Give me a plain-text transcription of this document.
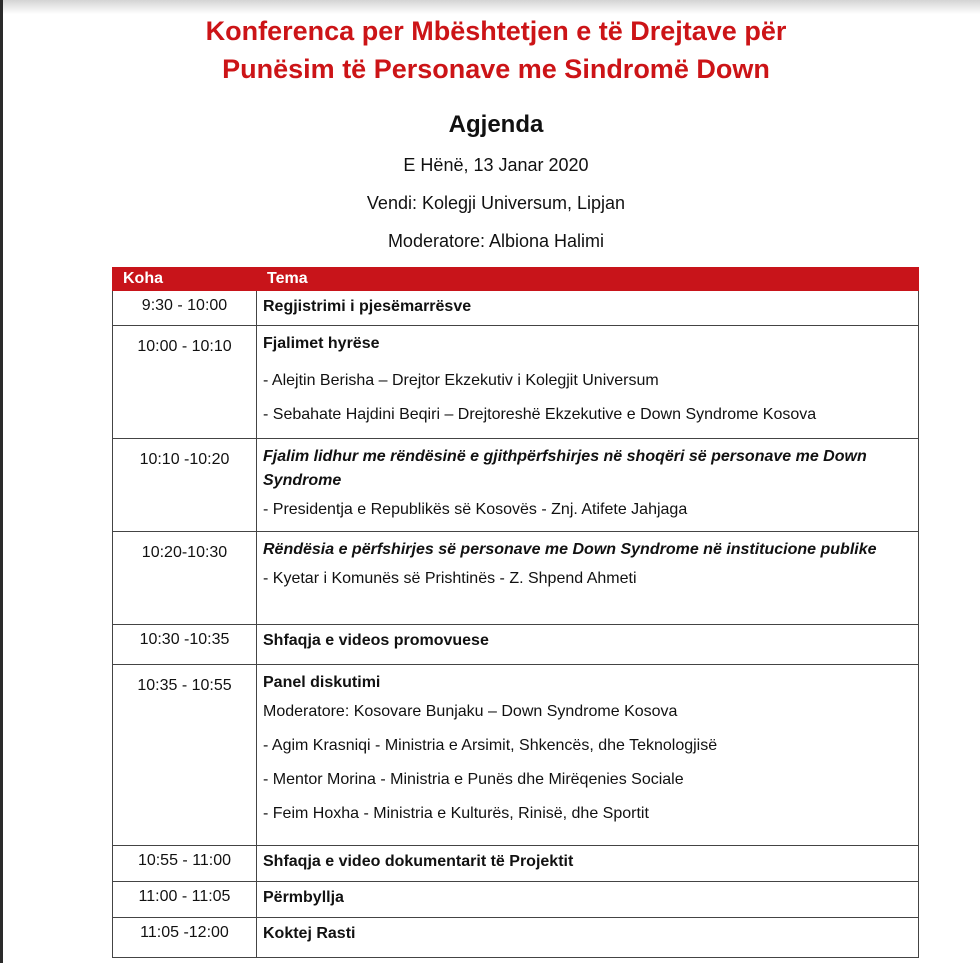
Konferenca per Mbështetjen e të Drejtave për
Punësim të Personave me Sindromë Down
Agjenda
E Hënë, 13 Janar 2020
Vendi: Kolegji Universum, Lipjan
Moderatore: Albiona Halimi
Koha	Tema
9:30 - 10:00	Regjistrimi i pjesëmarrësve

10:00 - 10:10	Fjalimet hyrëse
- Alejtin Berisha – Drejtor Ekzekutiv i Kolegjit Universum
- Sebahate Hajdini Beqiri – Drejtoreshë Ekzekutive e Down Syndrome Kosova

10:10 -10:20	Fjalim lidhur me rëndësinë e gjithpërfshirjes në shoqëri së personave me Down Syndrome
- Presidentja e Republikës së Kosovës - Znj. Atifete Jahjaga

10:20-10:30	Rëndësia e përfshirjes së personave me Down Syndrome në institucione publike
- Kyetar i Komunës së Prishtinës - Z. Shpend Ahmeti

10:30 -10:35	Shfaqja e videos promovuese

10:35 - 10:55	Panel diskutimi
Moderatore: Kosovare Bunjaku – Down Syndrome Kosova
- Agim Krasniqi - Ministria e Arsimit, Shkencës, dhe Teknologjisë
- Mentor Morina - Ministria e Punës dhe Mirëqenies Sociale
- Feim Hoxha - Ministria e Kulturës, Rinisë, dhe Sportit

10:55 - 11:00	Shfaqja e video dokumentarit të Projektit

11:00 - 11:05	Përmbyllja

11:05 -12:00	Koktej Rasti
